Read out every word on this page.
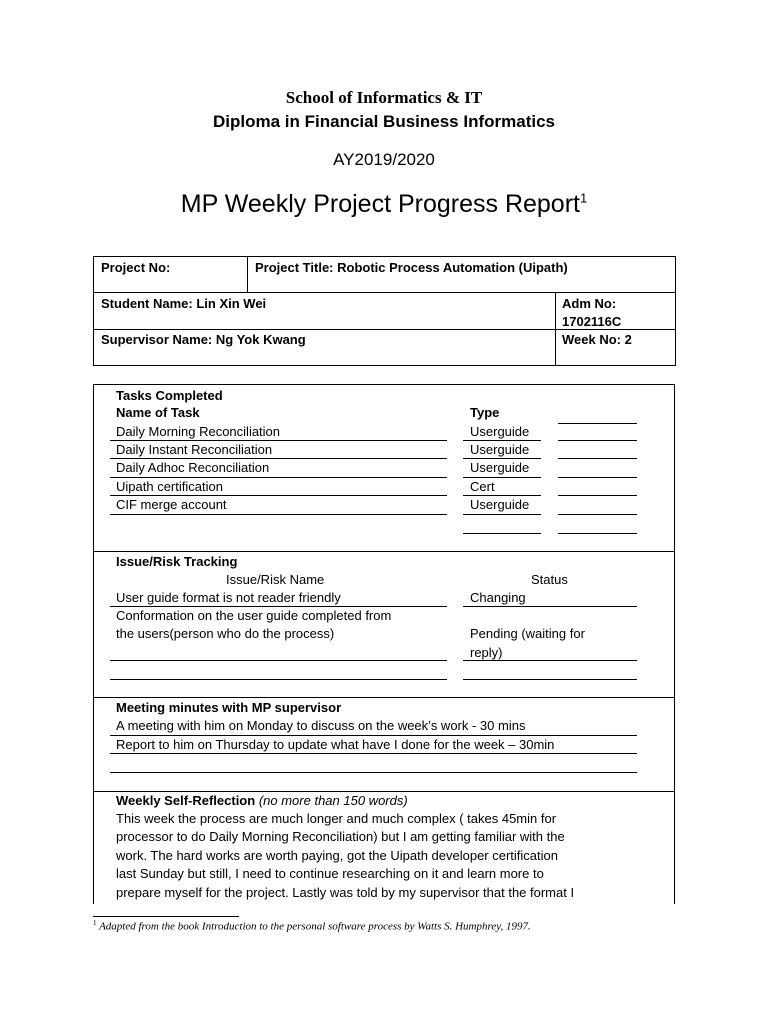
School of Informatics & IT
Diploma in Financial Business Informatics
AY2019/2020
MP Weekly Project Progress Report$^1$
Project No:	Project Title: Robotic Process Automation (Uipath)
Student Name: Lin Xin Wei	Adm No:
1702116C
Supervisor Name: Ng Yok Kwang	Week No: 2
Tasks Completed
Name of Task	Type
Daily Morning Reconciliation	Userguide
Daily Instant Reconciliation	Userguide
Daily Adhoc Reconciliation	Userguide
Uipath certification	Cert
CIF merge account	Userguide
Issue/Risk Tracking
Issue/Risk Name	Status
User guide format is not reader friendly	Changing
Conformation on the user guide completed from
the users(person who do the process)	Pending (waiting for
reply)
Meeting minutes with MP supervisor
A meeting with him on Monday to discuss on the week’s work - 30 mins
Report to him on Thursday to update what have I done for the week – 30min
Weekly Self-Reflection (no more than 150 words)
This week the process are much longer and much complex ( takes 45min for
processor to do Daily Morning Reconciliation) but I am getting familiar with the
work. The hard works are worth paying, got the Uipath developer certification
last Sunday but still, I need to continue researching on it and learn more to
prepare myself for the project. Lastly was told by my supervisor that the format I
$^1$ Adapted from the book Introduction to the personal software process by Watts S. Humphrey, 1997.
